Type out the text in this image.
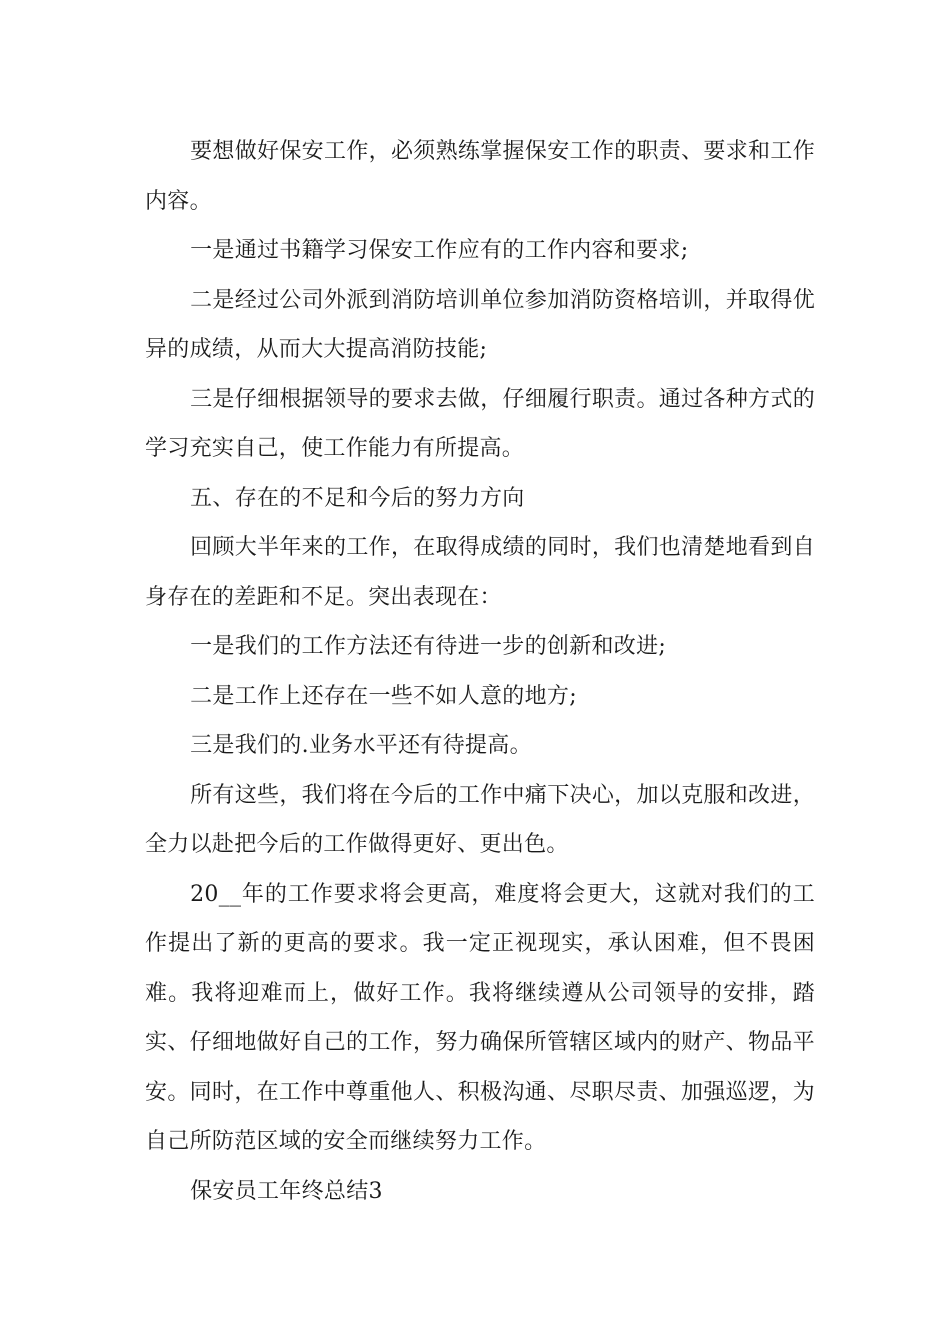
要想做好保安工作，必须熟练掌握保安工作的职责、要求和工作内容。

一是通过书籍学习保安工作应有的工作内容和要求;

二是经过公司外派到消防培训单位参加消防资格培训，并取得优异的成绩，从而大大提高消防技能;

三是仔细根据领导的要求去做，仔细履行职责。通过各种方式的学习充实自己，使工作能力有所提高。

五、存在的不足和今后的努力方向

回顾大半年来的工作，在取得成绩的同时，我们也清楚地看到自身存在的差距和不足。突出表现在：

一是我们的工作方法还有待进一步的创新和改进;

二是工作上还存在一些不如人意的地方;

三是我们的.业务水平还有待提高。

所有这些，我们将在今后的工作中痛下决心，加以克服和改进，全力以赴把今后的工作做得更好、更出色。

20__年的工作要求将会更高，难度将会更大，这就对我们的工作提出了新的更高的要求。我一定正视现实，承认困难，但不畏困难。我将迎难而上，做好工作。我将继续遵从公司领导的安排，踏实、仔细地做好自己的工作，努力确保所管辖区域内的财产、物品平安。同时，在工作中尊重他人、积极沟通、尽职尽责、加强巡逻，为自己所防范区域的安全而继续努力工作。

保安员工年终总结3
